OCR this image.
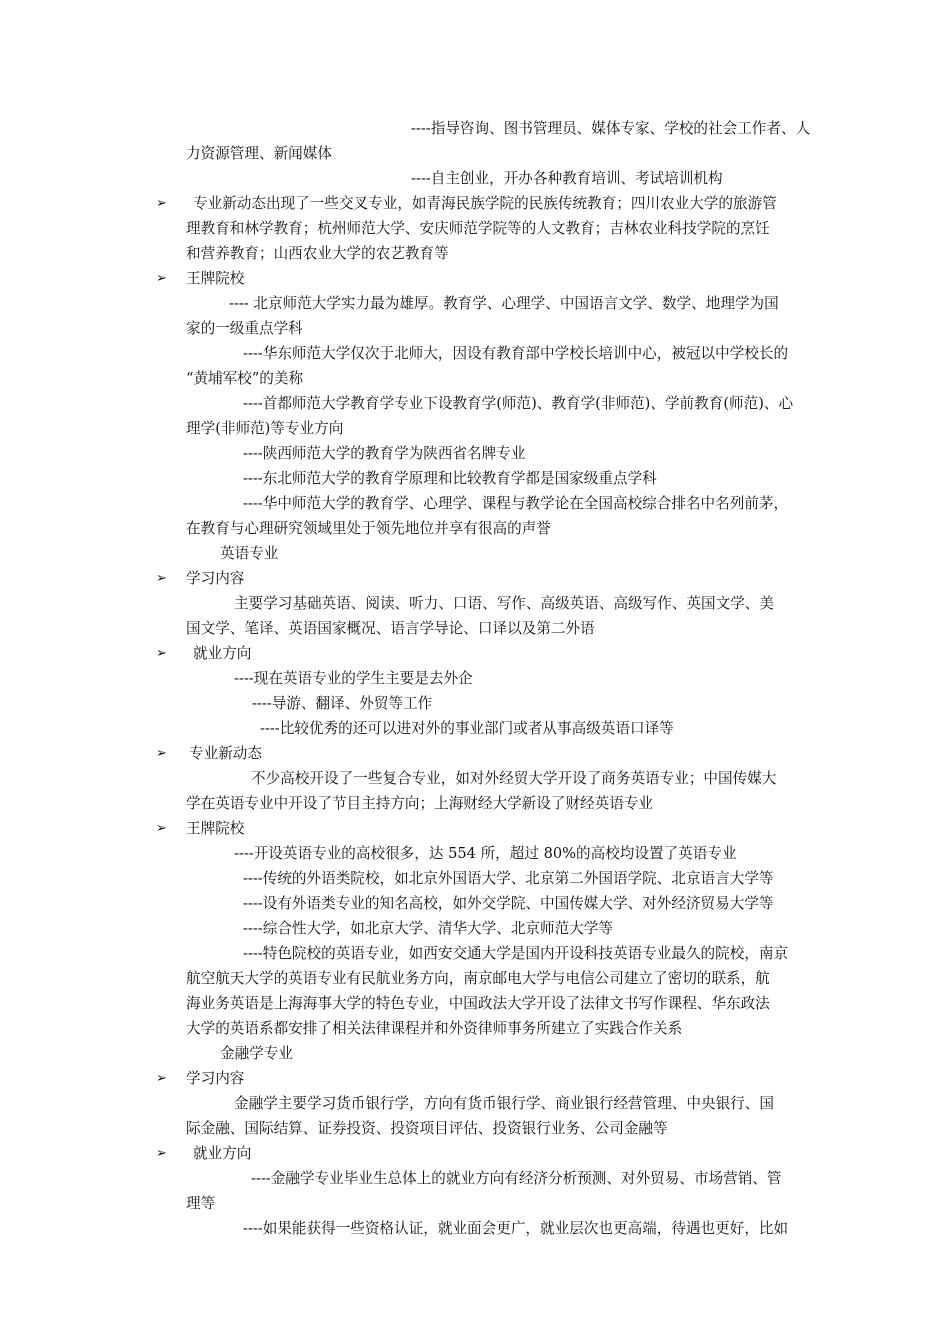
----指导咨询、图书管理员、媒体专家、学校的社会工作者、人
力资源管理、新闻媒体
----自主创业，开办各种教育培训、考试培训机构
➢ 专业新动态出现了一些交叉专业，如青海民族学院的民族传统教育；四川农业大学的旅游管
理教育和林学教育；杭州师范大学、安庆师范学院等的人文教育；吉林农业科技学院的烹饪
和营养教育；山西农业大学的农艺教育等
➢ 王牌院校
---- 北京师范大学实力最为雄厚。教育学、心理学、中国语言文学、数学、地理学为国
家的一级重点学科
----华东师范大学仅次于北师大，因设有教育部中学校长培训中心，被冠以中学校长的
“黄埔军校”的美称
----首都师范大学教育学专业下设教育学(师范)、教育学(非师范)、学前教育(师范)、心
理学(非师范)等专业方向
----陕西师范大学的教育学为陕西省名牌专业
----东北师范大学的教育学原理和比较教育学都是国家级重点学科
----华中师范大学的教育学、心理学、课程与教学论在全国高校综合排名中名列前茅，
在教育与心理研究领域里处于领先地位并享有很高的声誉
英语专业
➢ 学习内容
主要学习基础英语、阅读、听力、口语、写作、高级英语、高级写作、英国文学、美
国文学、笔译、英语国家概况、语言学导论、口译以及第二外语
➢ 就业方向
----现在英语专业的学生主要是去外企
----导游、翻译、外贸等工作
----比较优秀的还可以进对外的事业部门或者从事高级英语口译等
➢ 专业新动态
不少高校开设了一些复合专业，如对外经贸大学开设了商务英语专业；中国传媒大
学在英语专业中开设了节目主持方向；上海财经大学新设了财经英语专业
➢ 王牌院校
----开设英语专业的高校很多，达 554 所，超过 80%的高校均设置了英语专业
----传统的外语类院校，如北京外国语大学、北京第二外国语学院、北京语言大学等
----设有外语类专业的知名高校，如外交学院、中国传媒大学、对外经济贸易大学等
----综合性大学，如北京大学、清华大学、北京师范大学等
----特色院校的英语专业，如西安交通大学是国内开设科技英语专业最久的院校，南京
航空航天大学的英语专业有民航业务方向，南京邮电大学与电信公司建立了密切的联系，航
海业务英语是上海海事大学的特色专业，中国政法大学开设了法律文书写作课程、华东政法
大学的英语系都安排了相关法律课程并和外资律师事务所建立了实践合作关系
金融学专业
➢ 学习内容
金融学主要学习货币银行学，方向有货币银行学、商业银行经营管理、中央银行、国
际金融、国际结算、证券投资、投资项目评估、投资银行业务、公司金融等
➢ 就业方向
----金融学专业毕业生总体上的就业方向有经济分析预测、对外贸易、市场营销、管
理等
----如果能获得一些资格认证，就业面会更广，就业层次也更高端，待遇也更好，比如
